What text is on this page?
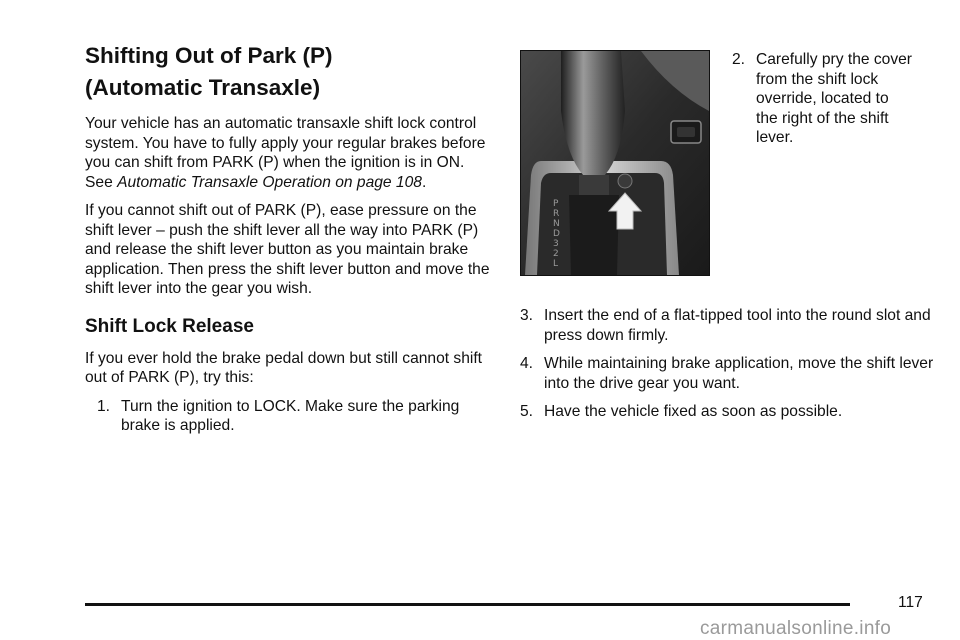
Shifting Out of Park (P)
(Automatic Transaxle)

Your vehicle has an automatic transaxle shift lock control system. You have to fully apply your regular brakes before you can shift from PARK (P) when the ignition is in ON. See Automatic Transaxle Operation on page 108.

If you cannot shift out of PARK (P), ease pressure on the shift lever – push the shift lever all the way into PARK (P) and release the shift lever button as you maintain brake application. Then press the shift lever button and move the shift lever into the gear you wish.

Shift Lock Release

If you ever hold the brake pedal down but still cannot shift out of PARK (P), try this:

1. Turn the ignition to LOCK. Make sure the parking brake is applied.
P
R
N
D
3
2
L
2. Carefully pry the cover from the shift lock override, located to the right of the shift lever.
3. Insert the end of a flat-tipped tool into the round slot and press down firmly.
4. While maintaining brake application, move the shift lever into the drive gear you want.
5. Have the vehicle fixed as soon as possible.
117
carmanualsonline.info
